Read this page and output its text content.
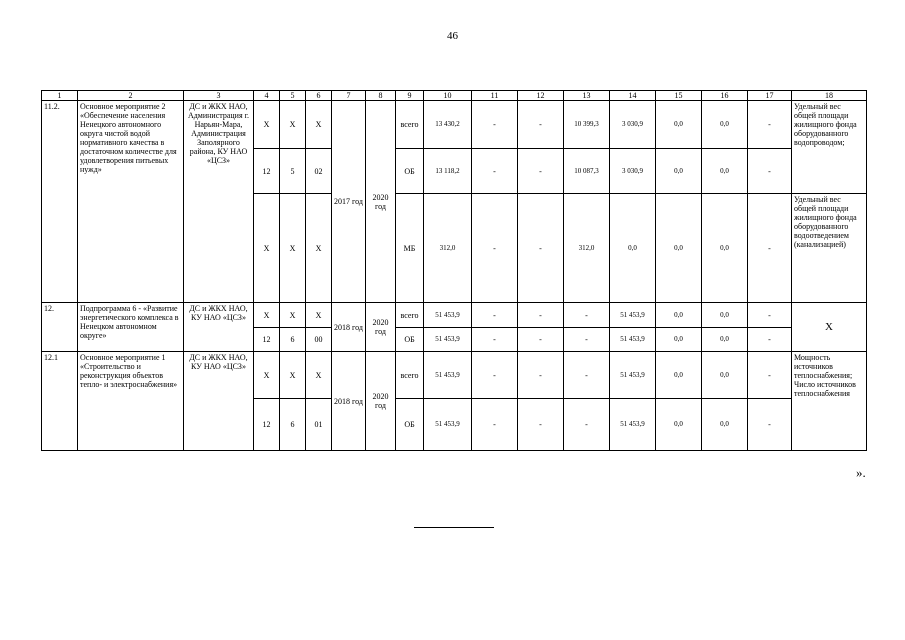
46
1	2	3	4	5	6	7	8	9	10	11	12	13	14	15	16	17	18
11.2.	Основное мероприятие 2 «Обеспечение населения Ненецкого автономного округа чистой водой нормативного качества в достаточном количестве для удовлетворения питьевых нужд»	ДС и ЖКХ НАО, Администрация г. Нарьян-Мара, Администрация Заполярного района, КУ НАО «ЦСЗ»	Х	Х	Х	2017 год	2020 год	всего	13 430,2	-	-	10 399,3	3 030,9	0,0	0,0	-	Удельный вес общей площади жилищного фонда оборудованного водопроводом;
			12	5	02			ОБ	13 118,2	-	-	10 087,3	3 030,9	0,0	0,0	-	
			Х	Х	Х			МБ	312,0	-	-	312,0	0,0	0,0	0,0	-	Удельный вес общей площади жилищного фонда оборудованного водоотведением (канализацией)
12.	Подпрограмма 6 - «Развитие энергетического комплекса в Ненецком автономном округе»	ДС и ЖКХ НАО, КУ НАО «ЦСЗ»	Х	Х	Х	2018 год	2020 год	всего	51 453,9	-	-	-	51 453,9	0,0	0,0	-	Х
			12	6	00			ОБ	51 453,9	-	-	-	51 453,9	0,0	0,0	-	
12.1	Основное мероприятие 1 «Строительство и реконструкция объектов тепло- и электроснабжения»	ДС и ЖКХ НАО, КУ НАО «ЦСЗ»	Х	Х	Х	2018 год	2020 год	всего	51 453,9	-	-	-	51 453,9	0,0	0,0	-	Мощность источников теплоснабжения; Число источников теплоснабжения
			12	6	01			ОБ	51 453,9	-	-	-	51 453,9	0,0	0,0	-	
».
